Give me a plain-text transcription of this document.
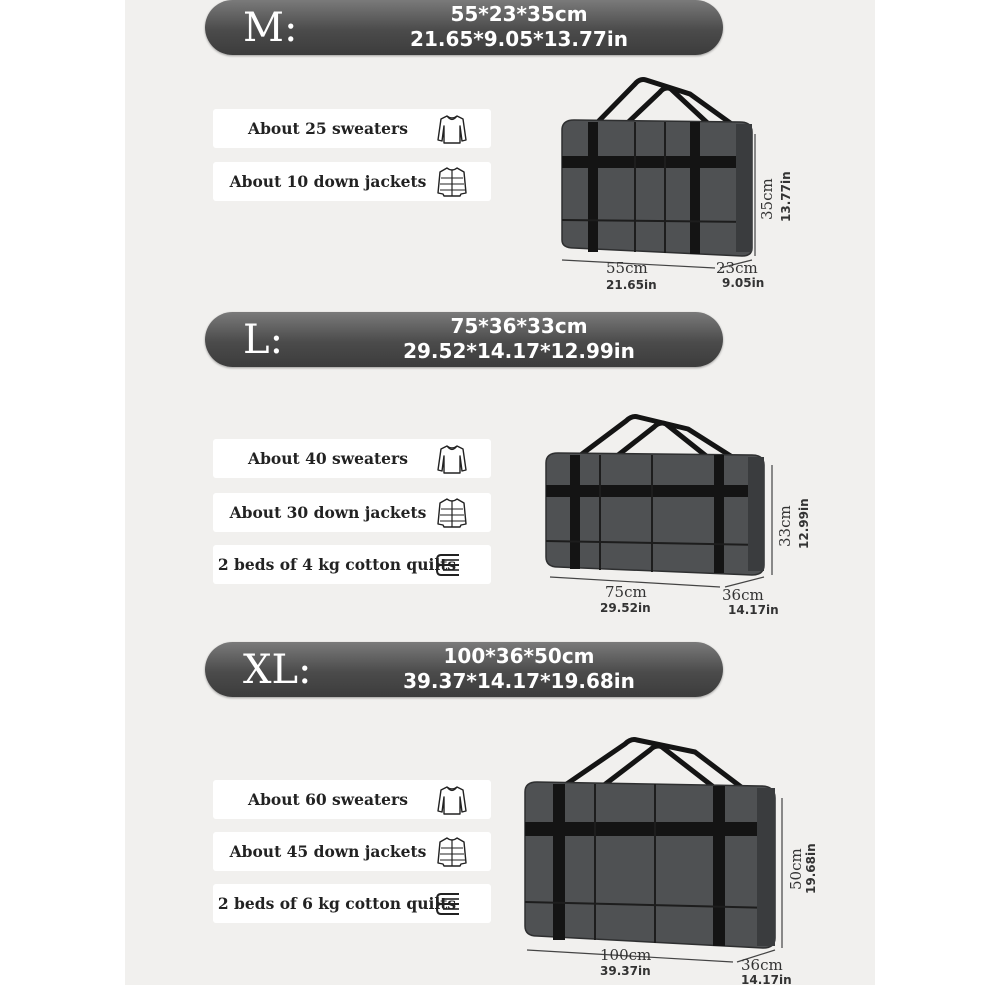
M:	55*23*35cm
21.65*9.05*13.77in
About 25 sweaters
About 10 down jackets
55cm
21.65in
23cm
9.05in
35cm 13.77in
L:	75*36*33cm
29.52*14.17*12.99in
About 40 sweaters
About 30 down jackets
2 beds of 4 kg cotton quilts
75cm
29.52in
36cm
14.17in
33cm 12.99in
XL:	100*36*50cm
39.37*14.17*19.68in
About 60 sweaters
About 45 down jackets
2 beds of 6 kg cotton quilts
100cm
39.37in	36cm
14.17in
50cm 19.68in
